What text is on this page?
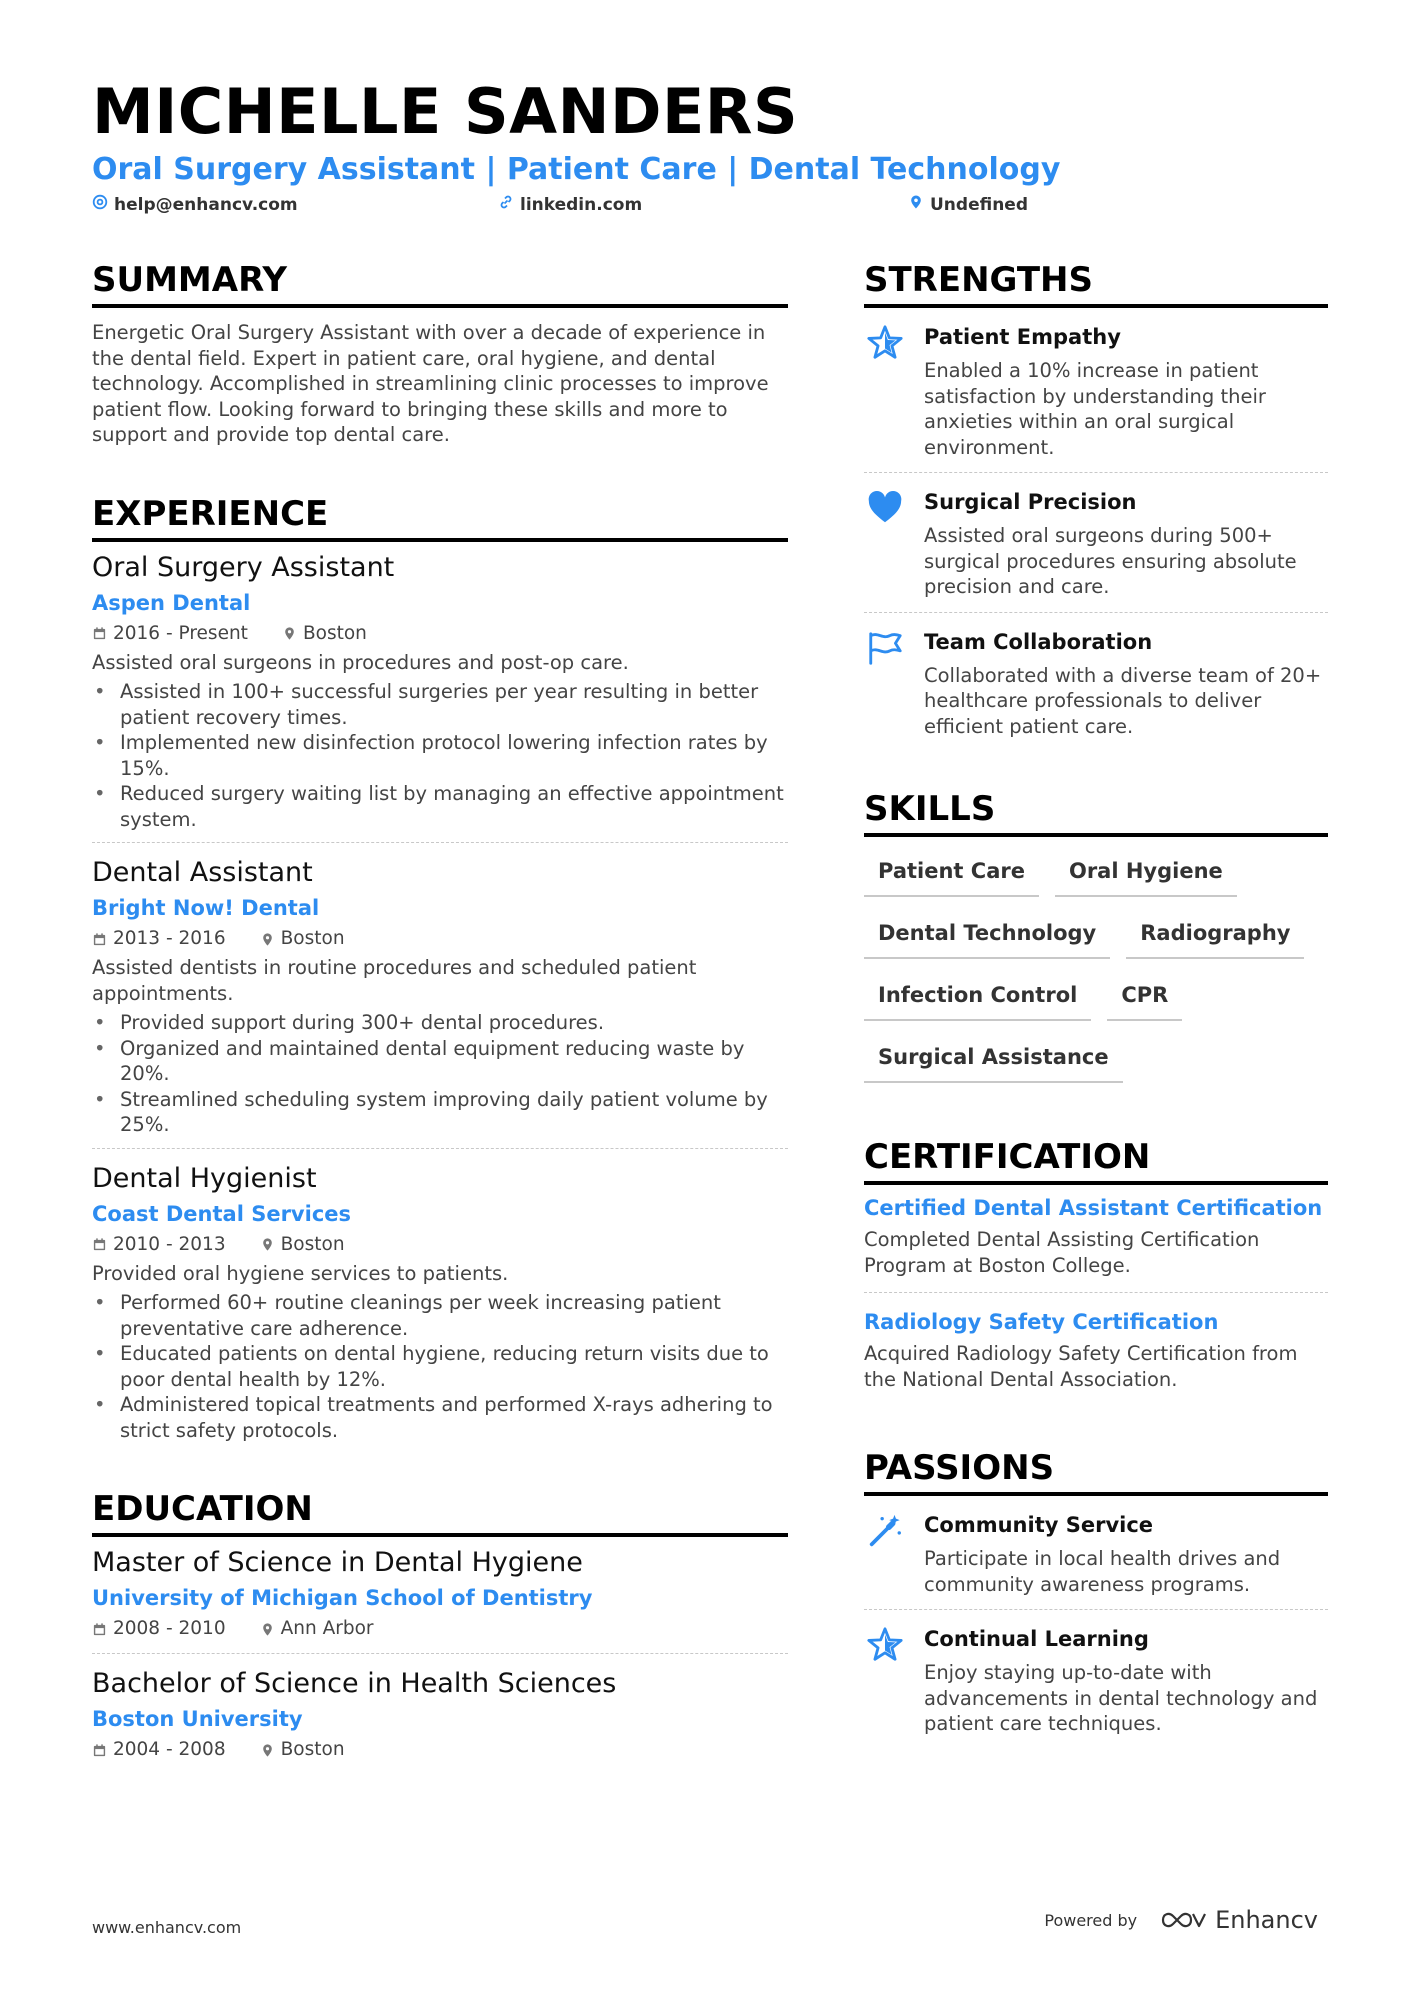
MICHELLE SANDERS
Oral Surgery Assistant | Patient Care | Dental Technology
help@enhancv.com	linkedin.com	Undefined
SUMMARY
Energetic Oral Surgery Assistant with over a decade of experience in the dental field. Expert in patient care, oral hygiene, and dental technology. Accomplished in streamlining clinic processes to improve patient flow. Looking forward to bringing these skills and more to support and provide top dental care.
EXPERIENCE
Oral Surgery Assistant
Aspen Dental
2016 - Present	Boston
Assisted oral surgeons in procedures and post-op care.
• Assisted in 100+ successful surgeries per year resulting in better patient recovery times.
• Implemented new disinfection protocol lowering infection rates by 15%.
• Reduced surgery waiting list by managing an effective appointment system.
Dental Assistant
Bright Now! Dental
2013 - 2016	Boston
Assisted dentists in routine procedures and scheduled patient appointments.
• Provided support during 300+ dental procedures.
• Organized and maintained dental equipment reducing waste by 20%.
• Streamlined scheduling system improving daily patient volume by 25%.
Dental Hygienist
Coast Dental Services
2010 - 2013	Boston
Provided oral hygiene services to patients.
• Performed 60+ routine cleanings per week increasing patient preventative care adherence.
• Educated patients on dental hygiene, reducing return visits due to poor dental health by 12%.
• Administered topical treatments and performed X-rays adhering to strict safety protocols.
EDUCATION
Master of Science in Dental Hygiene
University of Michigan School of Dentistry
2008 - 2010	Ann Arbor
Bachelor of Science in Health Sciences
Boston University
2004 - 2008	Boston
STRENGTHS
Patient Empathy
Enabled a 10% increase in patient satisfaction by understanding their anxieties within an oral surgical environment.
Surgical Precision
Assisted oral surgeons during 500+ surgical procedures ensuring absolute precision and care.
Team Collaboration
Collaborated with a diverse team of 20+ healthcare professionals to deliver efficient patient care.
SKILLS
Patient Care	Oral Hygiene
Dental Technology	Radiography
Infection Control	CPR
Surgical Assistance
CERTIFICATION
Certified Dental Assistant Certification
Completed Dental Assisting Certification Program at Boston College.
Radiology Safety Certification
Acquired Radiology Safety Certification from the National Dental Association.
PASSIONS
Community Service
Participate in local health drives and community awareness programs.
Continual Learning
Enjoy staying up-to-date with advancements in dental technology and patient care techniques.
www.enhancv.com	Powered by	Enhancv
